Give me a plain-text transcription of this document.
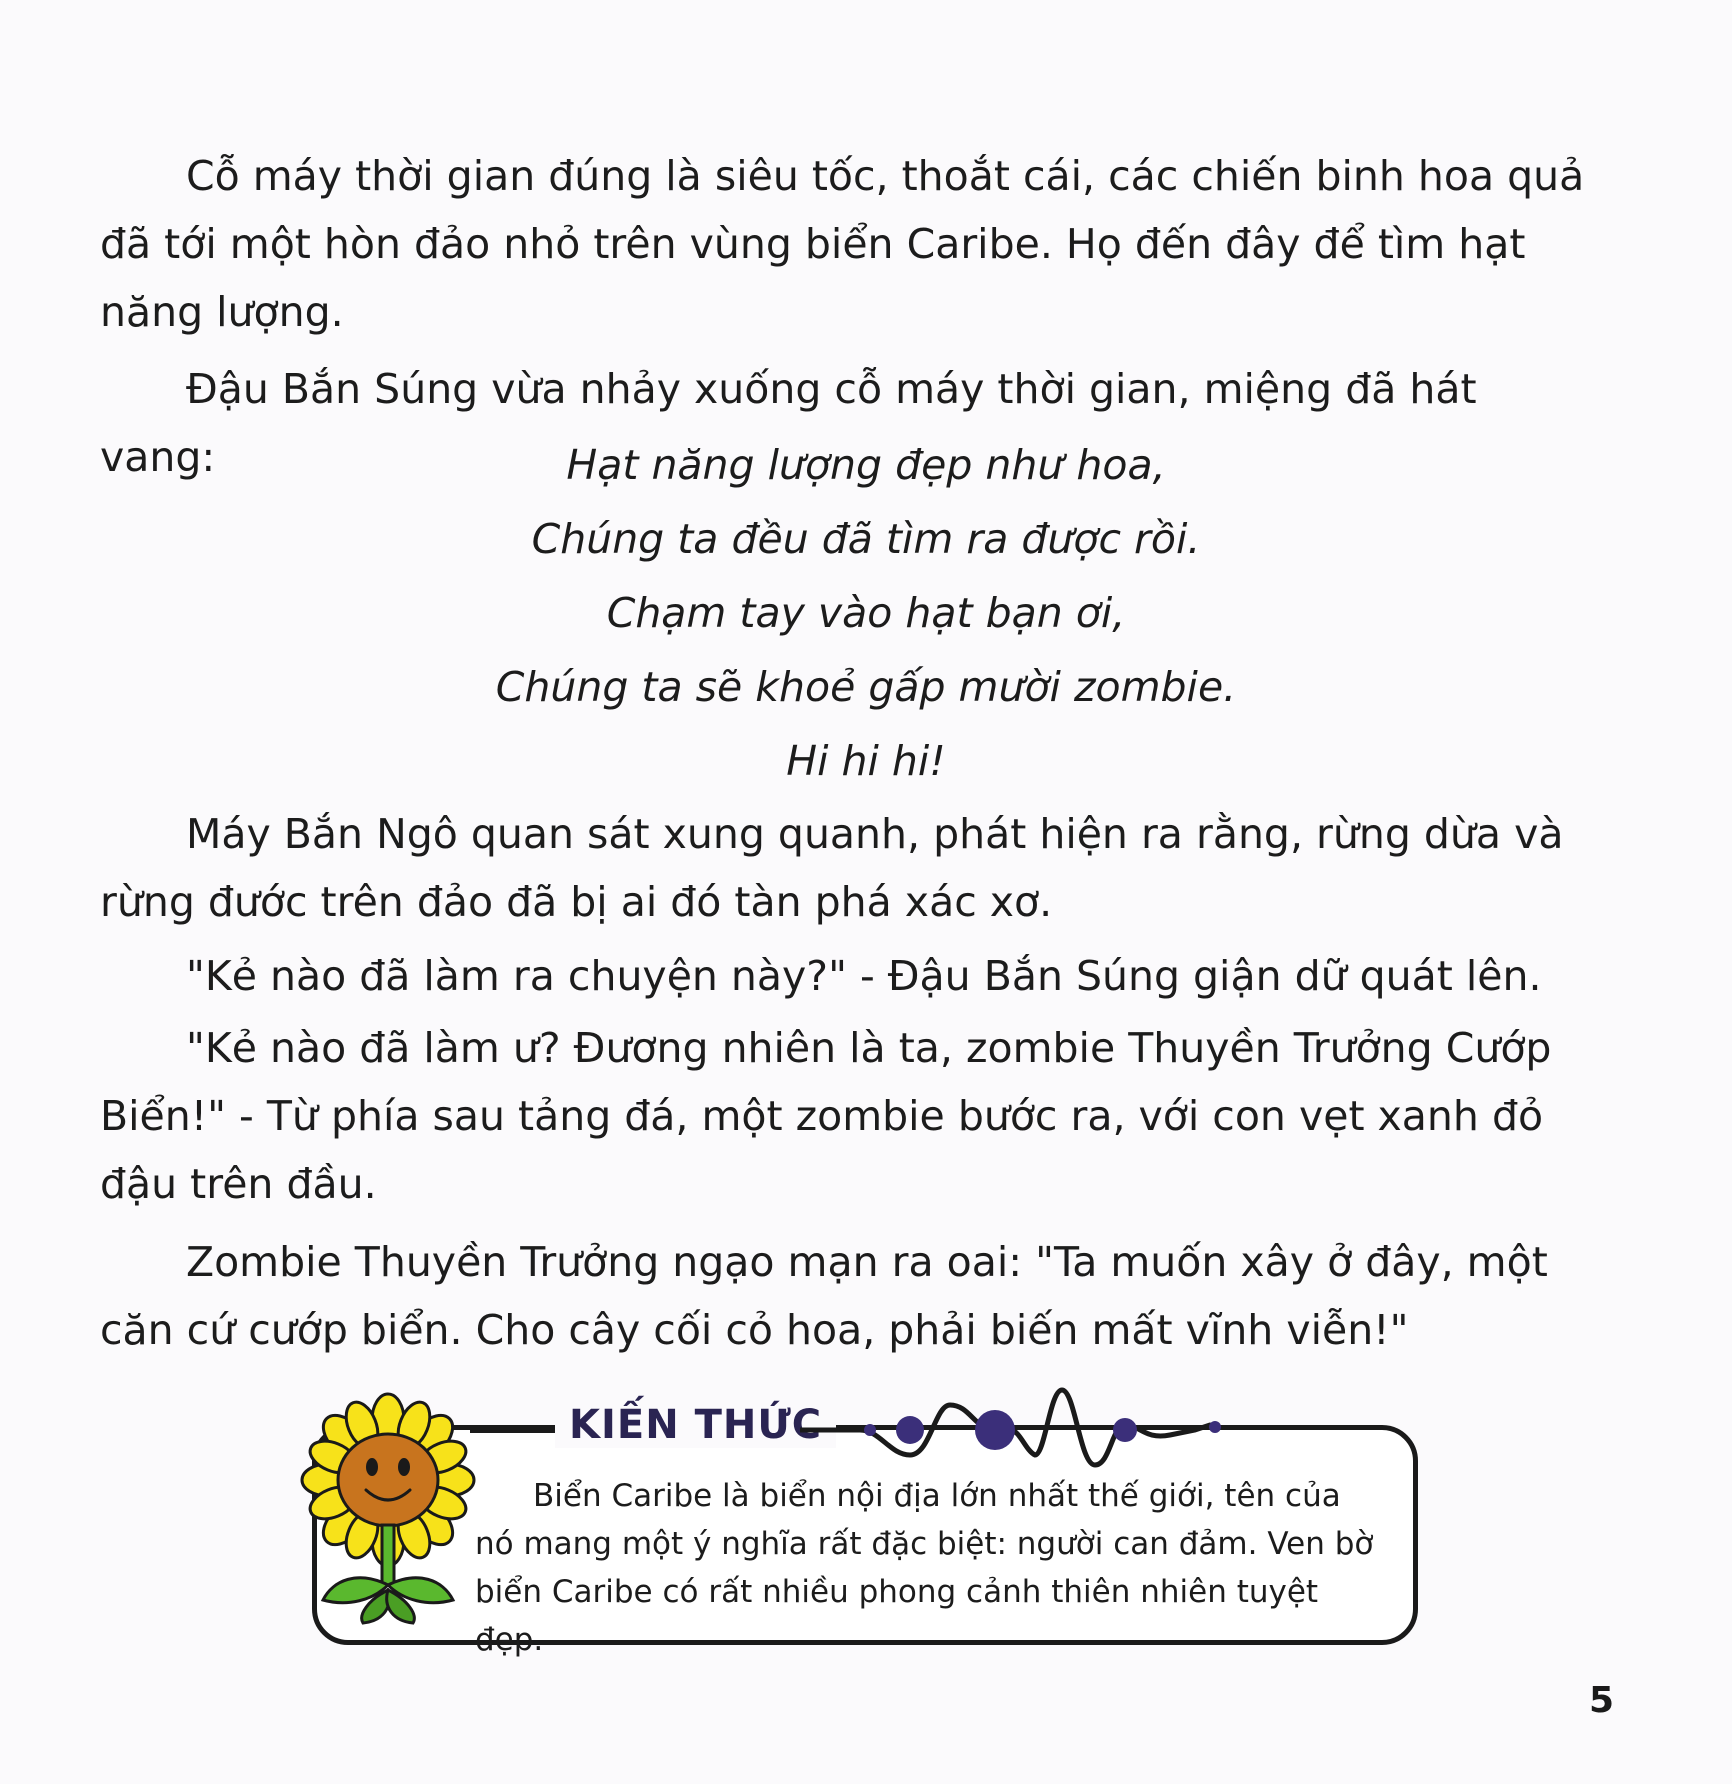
Cỗ máy thời gian đúng là siêu tốc, thoắt cái, các chiến binh hoa quả đã tới một hòn đảo nhỏ trên vùng biển Caribe. Họ đến đây để tìm hạt năng lượng.

Đậu Bắn Súng vừa nhảy xuống cỗ máy thời gian, miệng đã hát vang:	Hạt năng lượng đẹp như hoa,
Chúng ta đều đã tìm ra được rồi.
Chạm tay vào hạt bạn ơi,
Chúng ta sẽ khoẻ gấp mười zombie.
Hi hi hi!

Máy Bắn Ngô quan sát xung quanh, phát hiện ra rằng, rừng dừa và rừng đước trên đảo đã bị ai đó tàn phá xác xơ.

"Kẻ nào đã làm ra chuyện này?" - Đậu Bắn Súng giận dữ quát lên.

"Kẻ nào đã làm ư? Đương nhiên là ta, zombie Thuyền Trưởng Cướp Biển!" - Từ phía sau tảng đá, một zombie bước ra, với con vẹt xanh đỏ đậu trên đầu.

Zombie Thuyền Trưởng ngạo mạn ra oai: "Ta muốn xây ở đây, một căn cứ cướp biển. Cho cây cối cỏ hoa, phải biến mất vĩnh viễn!"

KIẾN THỨC

Biển Caribe là biển nội địa lớn nhất thế giới, tên của nó mang một ý nghĩa rất đặc biệt: người can đảm. Ven bờ biển Caribe có rất nhiều phong cảnh thiên nhiên tuyệt đẹp.

5
